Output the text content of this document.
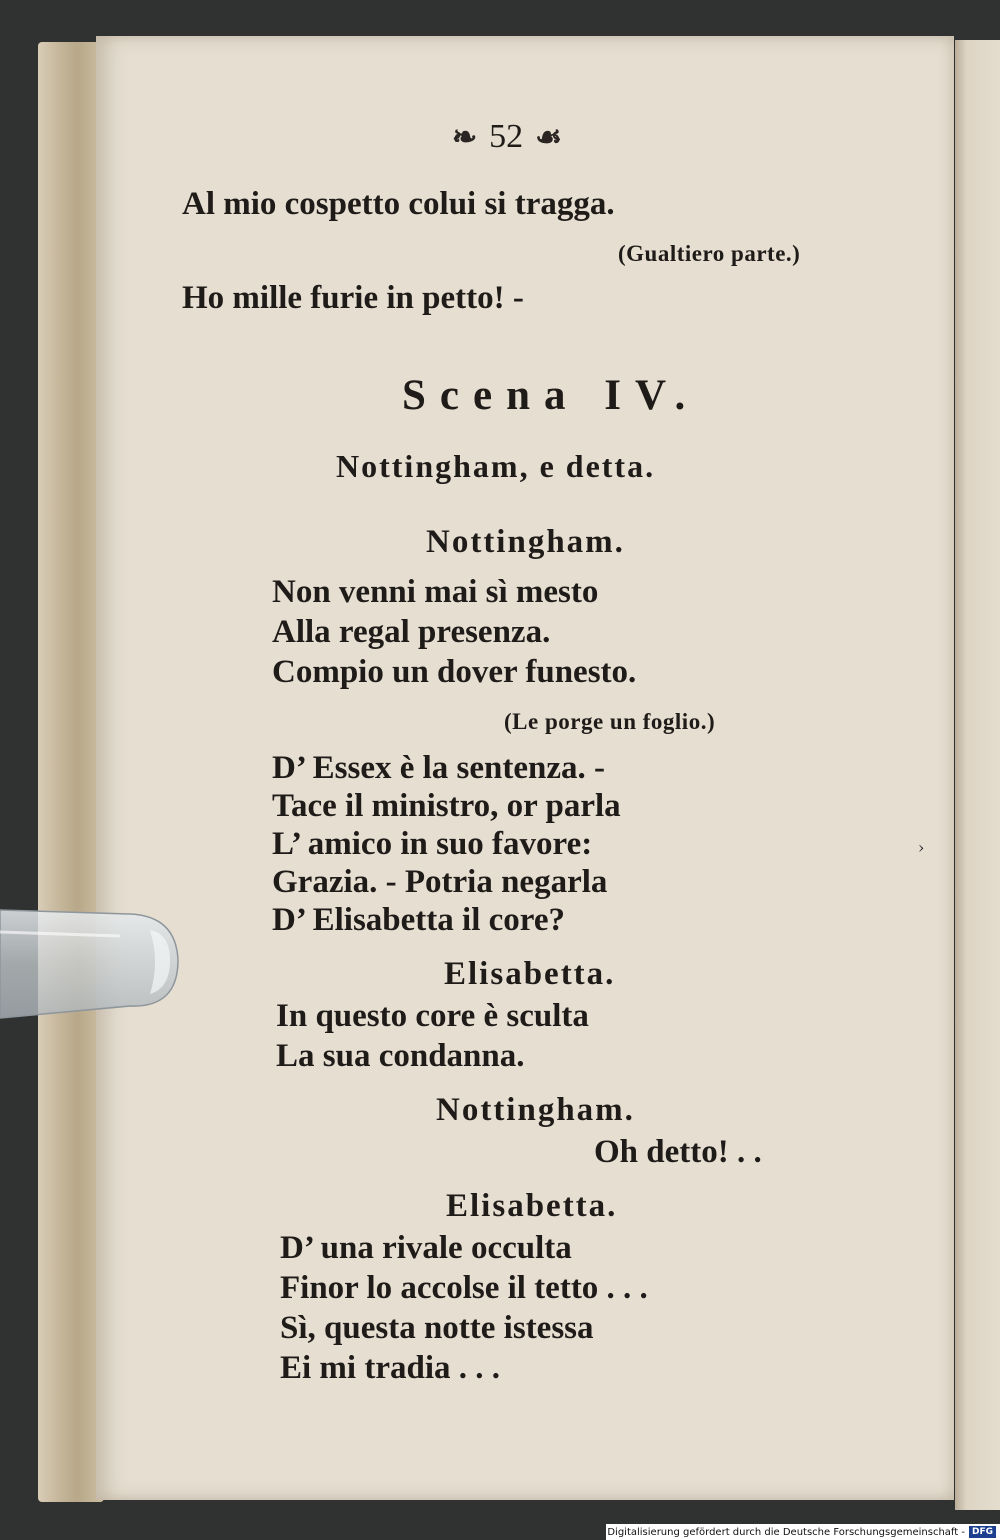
❧ 52 ☙
Al mio cospetto colui si tragga.
(Gualtiero parte.)
Ho mille furie in petto! -
Scena IV.
Nottingham, e detta.
Nottingham.
Non venni mai sì mesto
Alla regal presenza.
Compio un dover funesto.
(Le porge un foglio.)
D’ Essex è la sentenza. -
Tace il ministro, or parla
L’ amico in suo favore:
Grazia. - Potria negarla
D’ Elisabetta il core?
Elisabetta.
In questo core è sculta
La sua condanna.
Nottingham.
Oh detto! . .
Elisabetta.
D’ una rivale occulta
Finor lo accolse il tetto . . .
Sì, questa notte istessa
Ei mi tradia . . .
›
Digitalisierung gefördert durch die Deutsche Forschungsgemeinschaft - DFG
